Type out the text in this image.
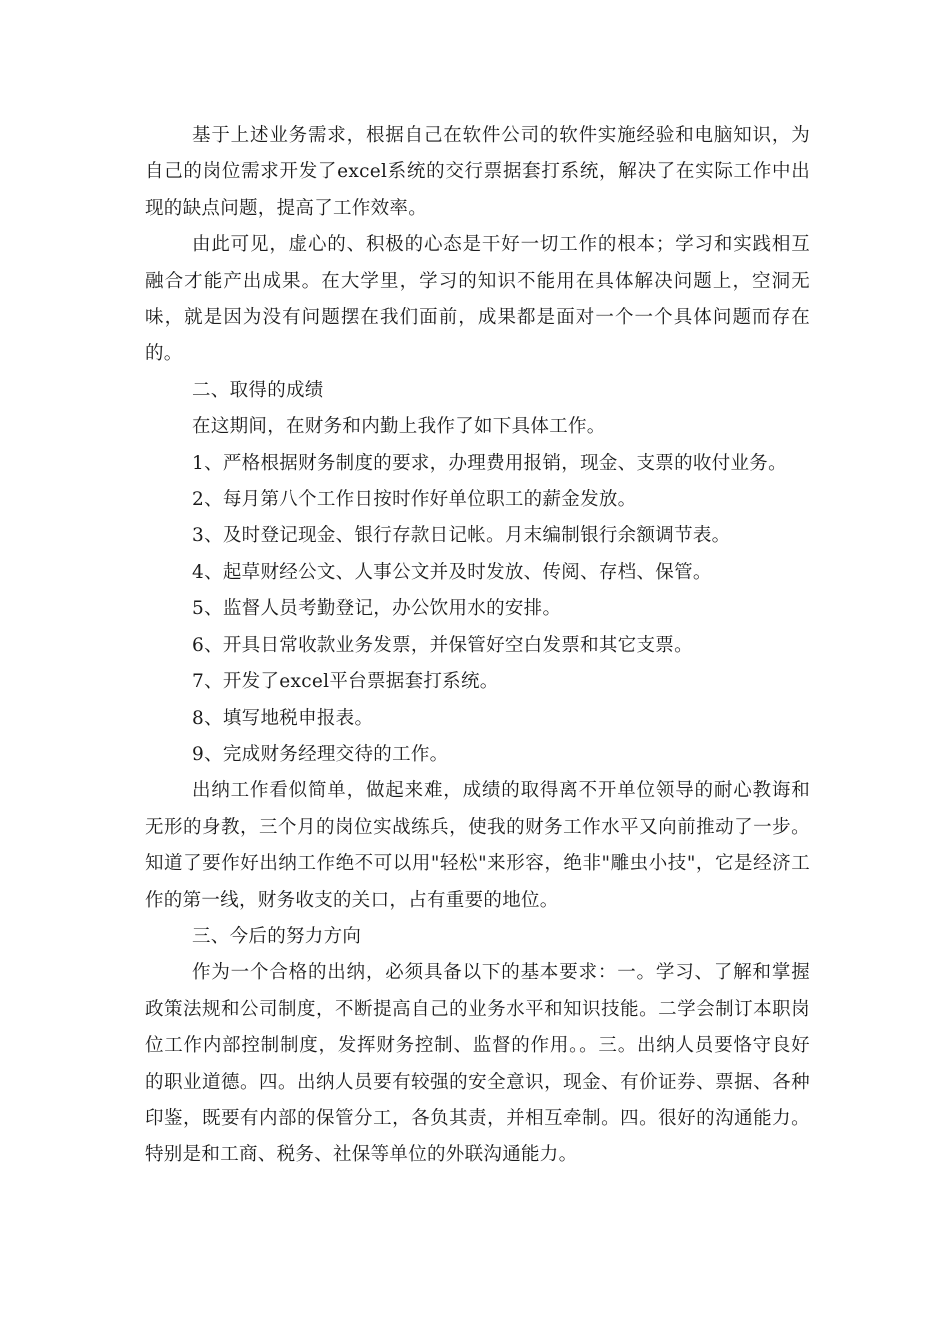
基于上述业务需求，根据自己在软件公司的软件实施经验和电脑知识，为自己的岗位需求开发了excel系统的交行票据套打系统，解决了在实际工作中出现的缺点问题，提高了工作效率。

由此可见，虚心的、积极的心态是干好一切工作的根本；学习和实践相互融合才能产出成果。在大学里，学习的知识不能用在具体解决问题上，空洞无味，就是因为没有问题摆在我们面前，成果都是面对一个一个具体问题而存在的。

二、取得的成绩

在这期间，在财务和内勤上我作了如下具体工作。

1、严格根据财务制度的要求，办理费用报销，现金、支票的收付业务。

2、每月第八个工作日按时作好单位职工的薪金发放。

3、及时登记现金、银行存款日记帐。月末编制银行余额调节表。

4、起草财经公文、人事公文并及时发放、传阅、存档、保管。

5、监督人员考勤登记，办公饮用水的安排。

6、开具日常收款业务发票，并保管好空白发票和其它支票。

7、开发了excel平台票据套打系统。

8、填写地税申报表。

9、完成财务经理交待的工作。

出纳工作看似简单，做起来难，成绩的取得离不开单位领导的耐心教诲和无形的身教，三个月的岗位实战练兵，使我的财务工作水平又向前推动了一步。知道了要作好出纳工作绝不可以用"轻松"来形容，绝非"雕虫小技"，它是经济工作的第一线，财务收支的关口，占有重要的地位。

三、今后的努力方向

作为一个合格的出纳，必须具备以下的基本要求：一。学习、了解和掌握政策法规和公司制度，不断提高自己的业务水平和知识技能。二学会制订本职岗位工作内部控制制度，发挥财务控制、监督的作用。。三。出纳人员要恪守良好的职业道德。四。出纳人员要有较强的安全意识，现金、有价证券、票据、各种印鉴，既要有内部的保管分工，各负其责，并相互牵制。四。很好的沟通能力。特别是和工商、税务、社保等单位的外联沟通能力。
